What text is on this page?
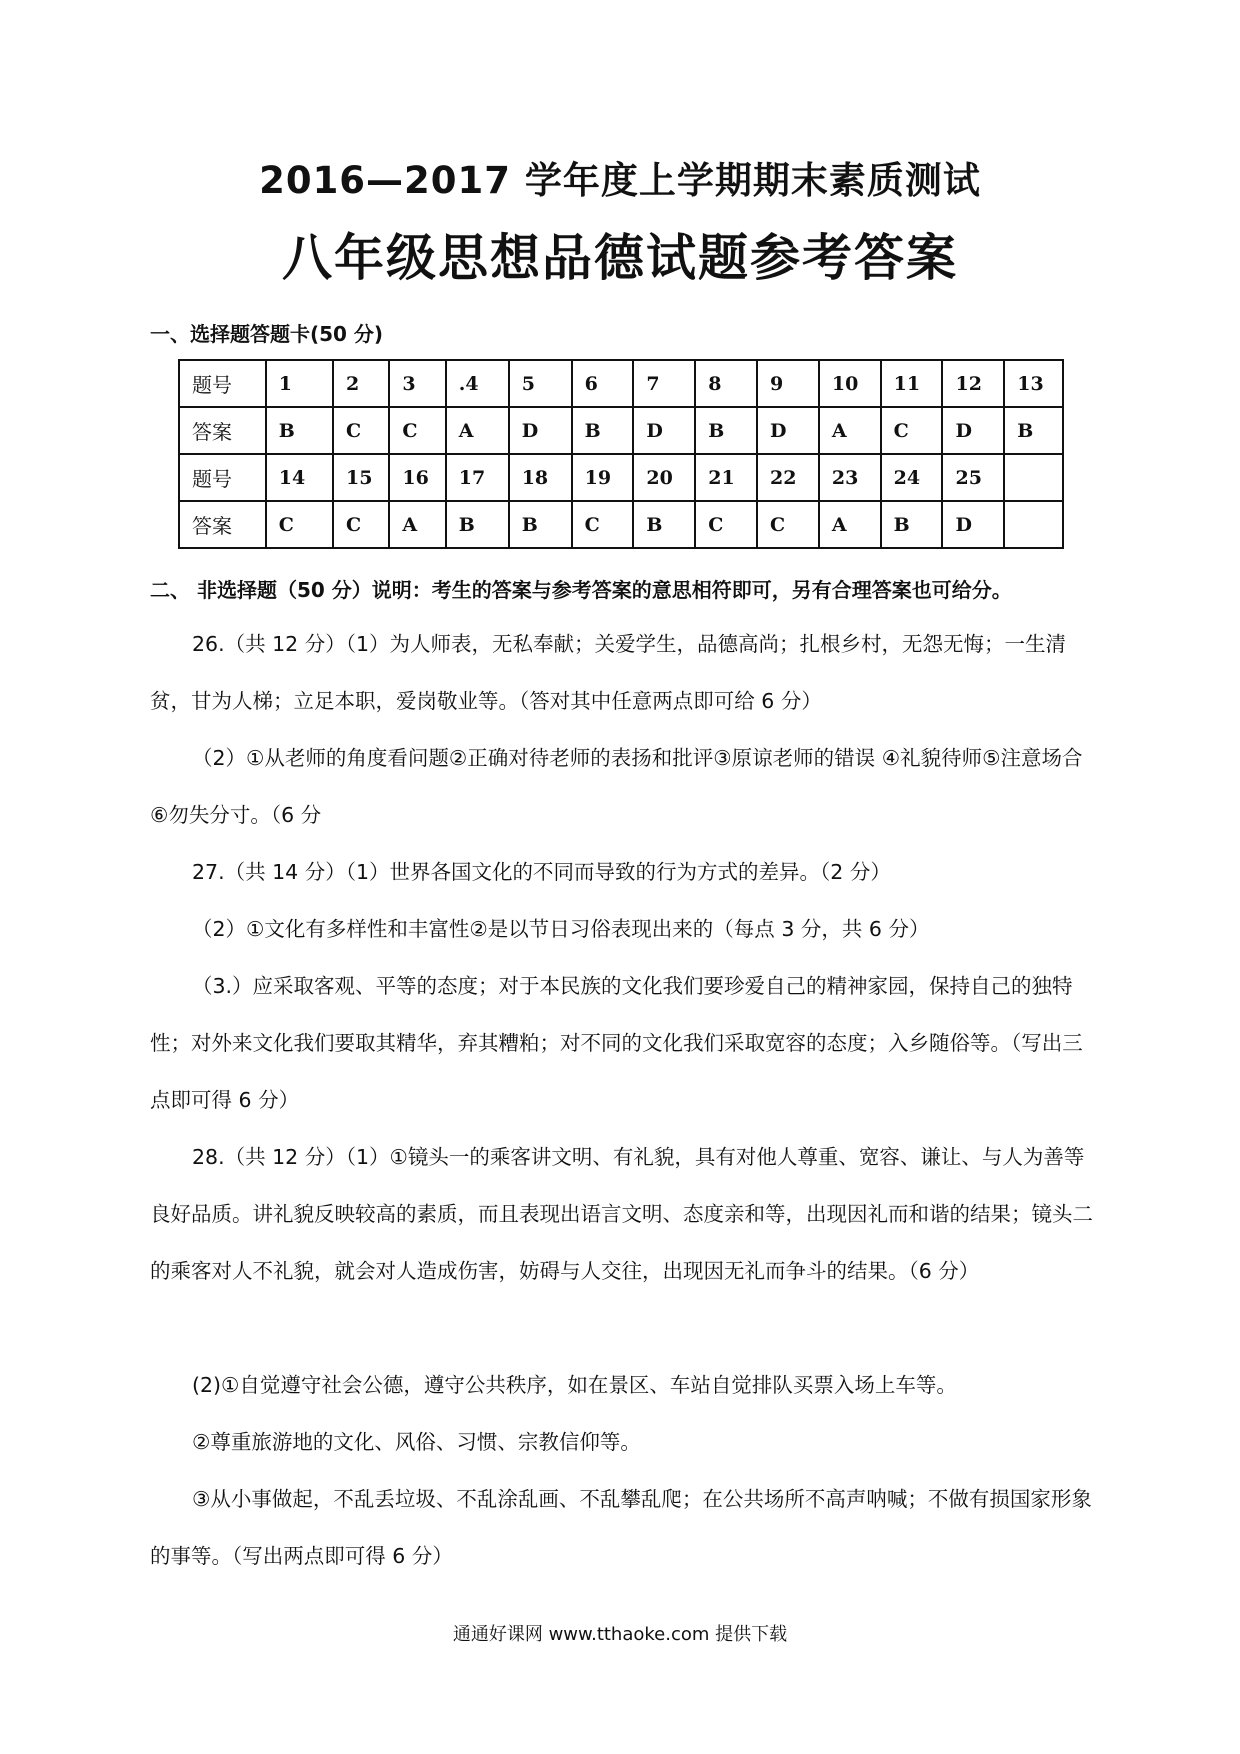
2016—2017 学年度上学期期末素质测试
八年级思想品德试题参考答案
一、选择题答题卡(50 分)
题号	1	2	3	.4	5	6	7	8	9	10	11	12	13
答案	B	C	C	A	D	B	D	B	D	A	C	D	B
题号	14	15	16	17	18	19	20	21	22	23	24	25	
答案	C	C	A	B	B	C	B	C	C	A	B	D	
二、 非选择题（50 分）说明：考生的答案与参考答案的意思相符即可，另有合理答案也可给分。
26.（共 12 分）（1）为人师表，无私奉献；关爱学生，品德高尚；扎根乡村，无怨无悔；一生清贫，甘为人梯；立足本职，爱岗敬业等。（答对其中任意两点即可给 6 分）
（2）①从老师的角度看问题②正确对待老师的表扬和批评③原谅老师的错误 ④礼貌待师⑤注意场合 ⑥勿失分寸。（6 分
27.（共 14 分）（1）世界各国文化的不同而导致的行为方式的差异。（2 分）
（2）①文化有多样性和丰富性②是以节日习俗表现出来的（每点 3 分，共 6 分）
（3.）应采取客观、平等的态度；对于本民族的文化我们要珍爱自己的精神家园，保持自己的独特性；对外来文化我们要取其精华，弃其糟粕；对不同的文化我们采取宽容的态度；入乡随俗等。（写出三点即可得 6 分）
28.（共 12 分）（1）①镜头一的乘客讲文明、有礼貌，具有对他人尊重、宽容、谦让、与人为善等良好品质。讲礼貌反映较高的素质，而且表现出语言文明、态度亲和等，出现因礼而和谐的结果；镜头二的乘客对人不礼貌，就会对人造成伤害，妨碍与人交往，出现因无礼而争斗的结果。（6 分）
(2)①自觉遵守社会公德，遵守公共秩序，如在景区、车站自觉排队买票入场上车等。
②尊重旅游地的文化、风俗、习惯、宗教信仰等。
③从小事做起，不乱丢垃圾、不乱涂乱画、不乱攀乱爬；在公共场所不高声呐喊；不做有损国家形象的事等。（写出两点即可得 6 分）
通通好课网 www.tthaoke.com 提供下载
